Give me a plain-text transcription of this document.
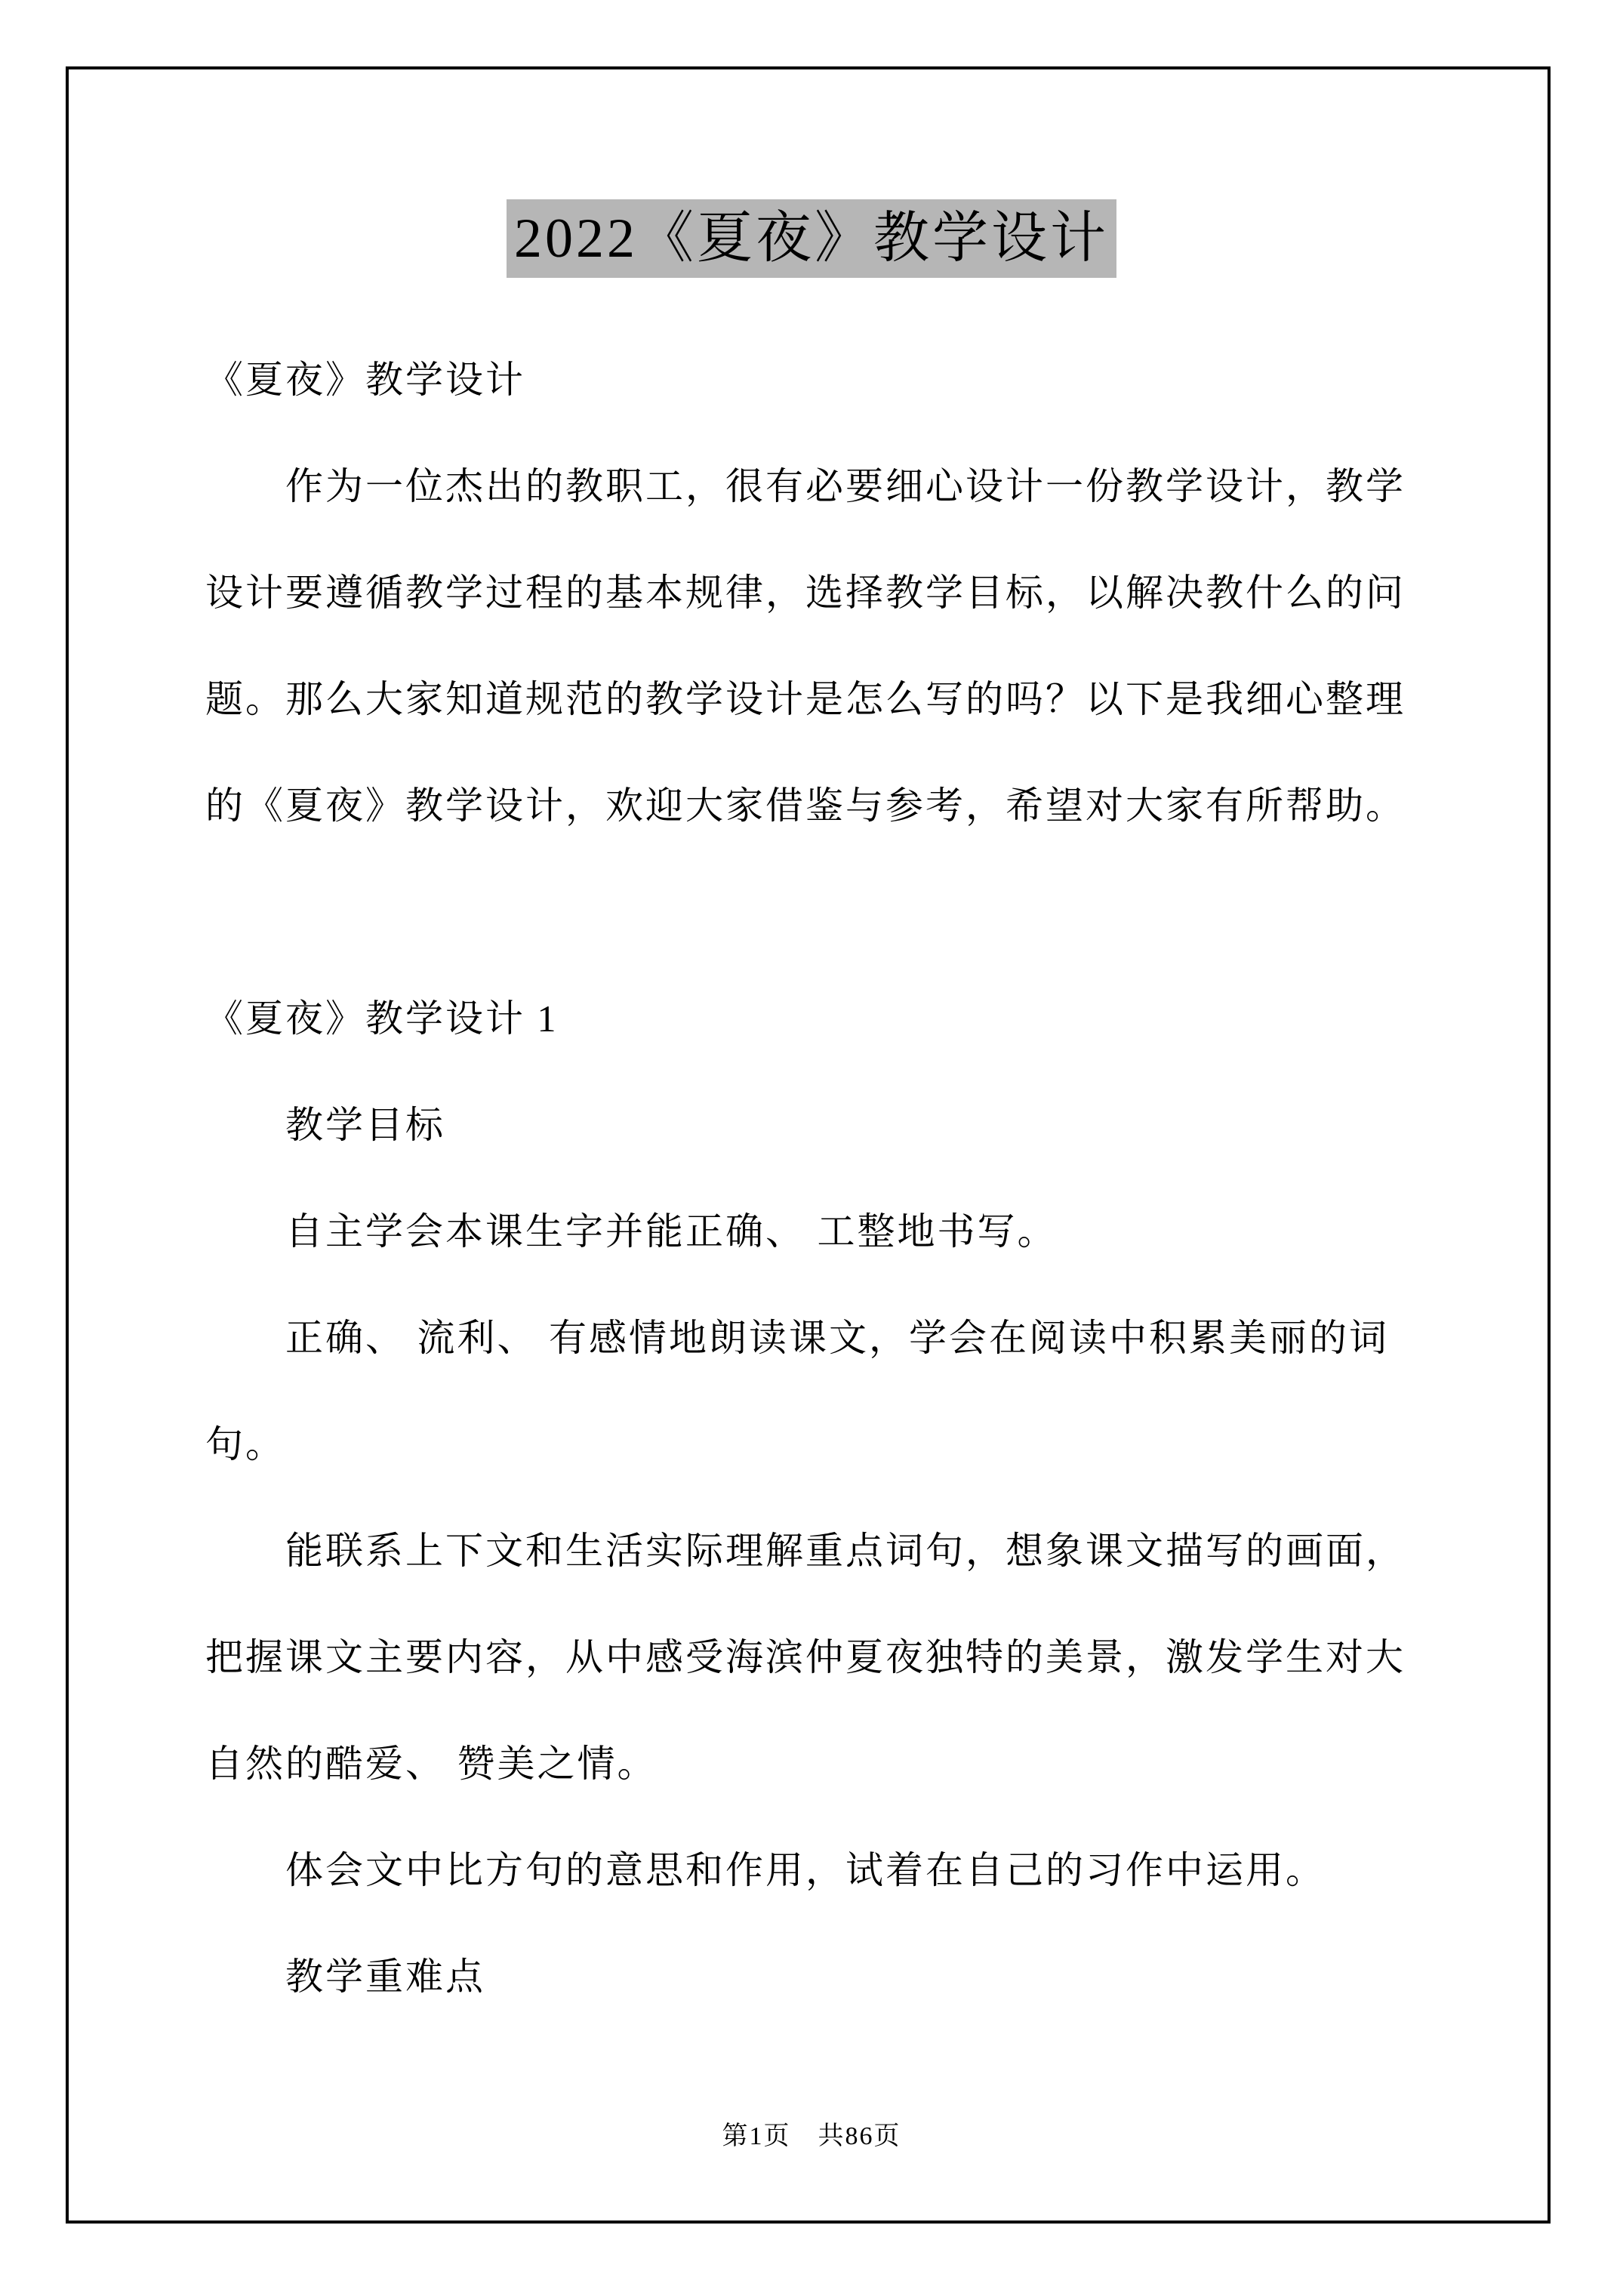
2022《夏夜》教学设计
《夏夜》教学设计
作为一位杰出的教职工，很有必要细心设计一份教学设计，教学
设计要遵循教学过程的基本规律，选择教学目标，以解决教什么的问
题。那么大家知道规范的教学设计是怎么写的吗？以下是我细心整理
的《夏夜》教学设计，欢迎大家借鉴与参考，希望对大家有所帮助。
《夏夜》教学设计 1
教学目标
自主学会本课生字并能正确、 工整地书写。
正确、 流利、 有感情地朗读课文，学会在阅读中积累美丽的词
句。
能联系上下文和生活实际理解重点词句，想象课文描写的画面，
把握课文主要内容，从中感受海滨仲夏夜独特的美景，激发学生对大
自然的酷爱、 赞美之情。
体会文中比方句的意思和作用，试着在自己的习作中运用。
教学重难点
第1页　共86页
